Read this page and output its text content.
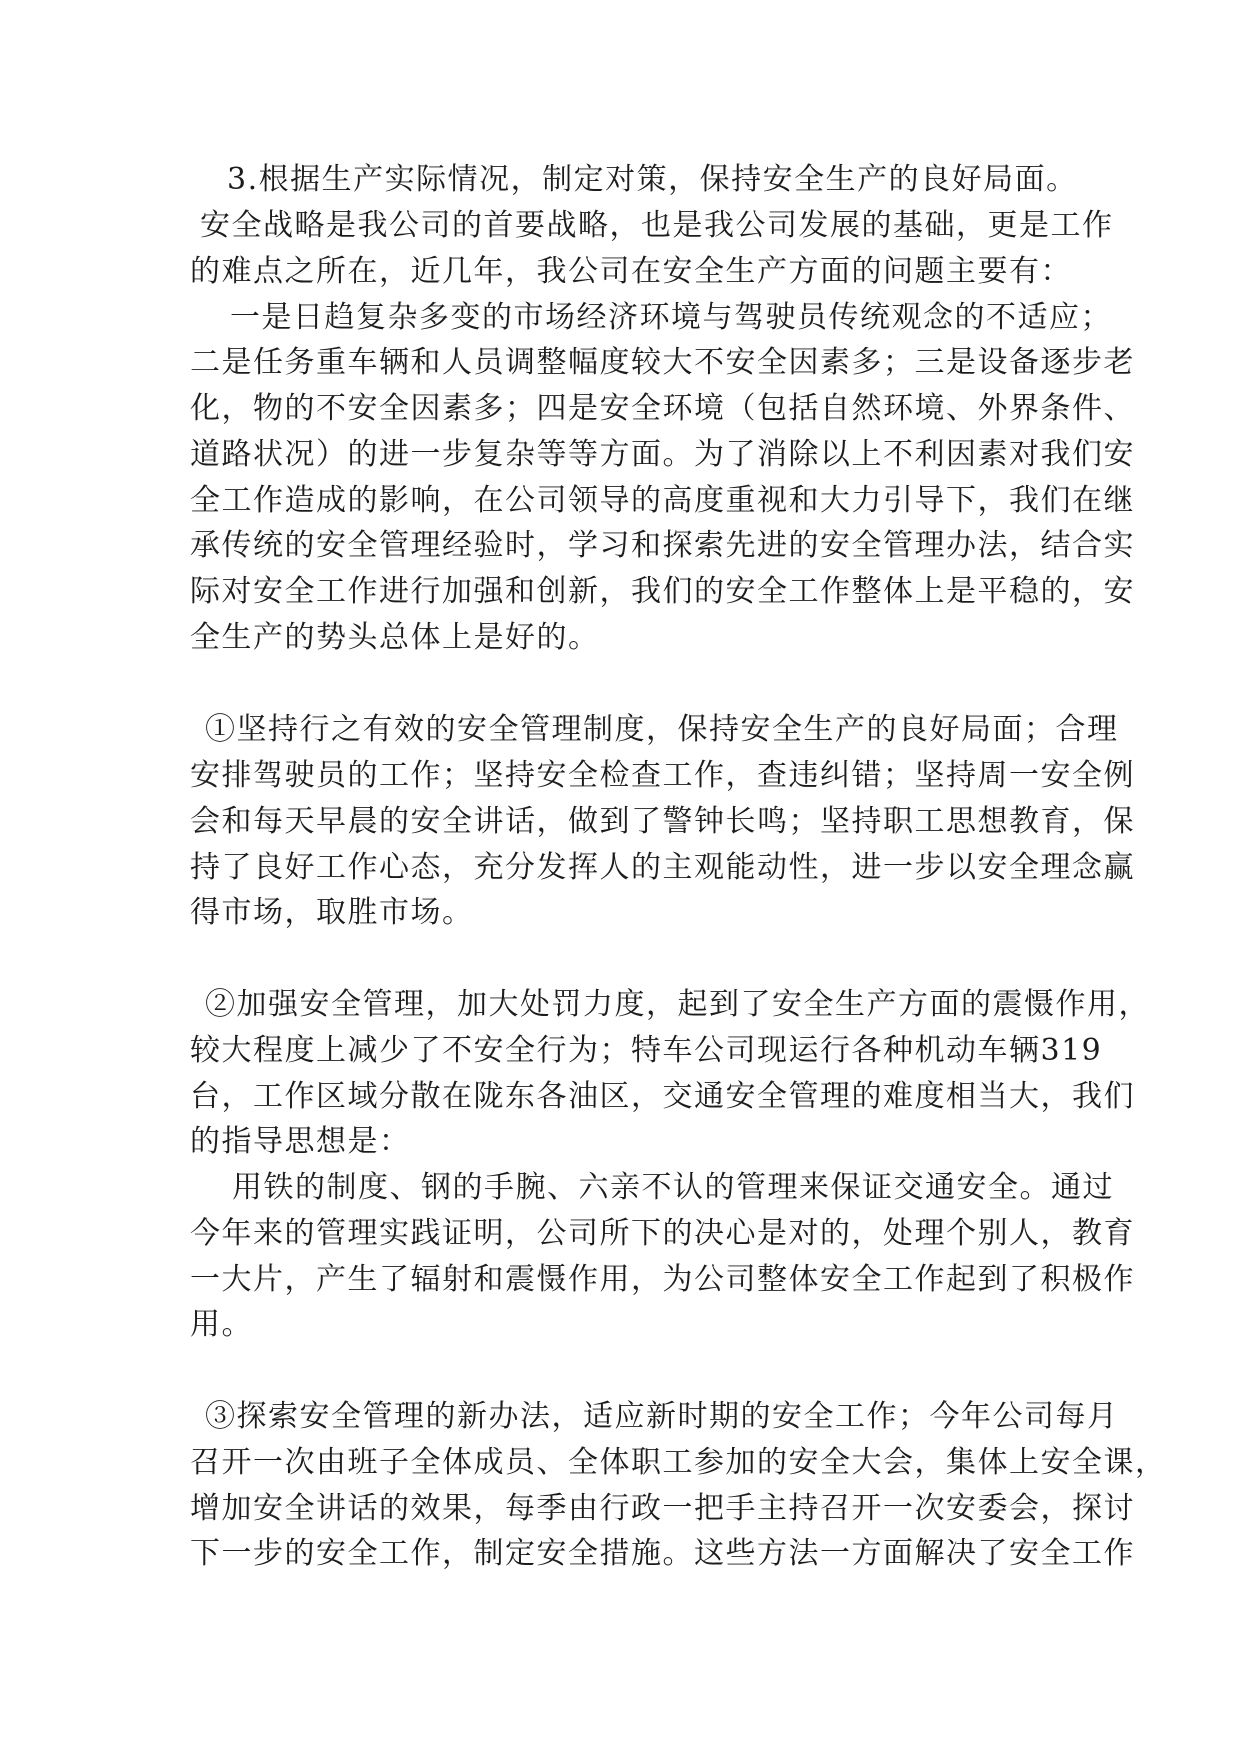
3.根据生产实际情况，制定对策，保持安全生产的良好局面。
安全战略是我公司的首要战略，也是我公司发展的基础，更是工作
的难点之所在，近几年，我公司在安全生产方面的问题主要有：
一是日趋复杂多变的市场经济环境与驾驶员传统观念的不适应；
二是任务重车辆和人员调整幅度较大不安全因素多；三是设备逐步老
化，物的不安全因素多；四是安全环境（包括自然环境、外界条件、
道路状况）的进一步复杂等等方面。为了消除以上不利因素对我们安
全工作造成的影响，在公司领导的高度重视和大力引导下，我们在继
承传统的安全管理经验时，学习和探索先进的安全管理办法，结合实
际对安全工作进行加强和创新，我们的安全工作整体上是平稳的，安
全生产的势头总体上是好的。
①坚持行之有效的安全管理制度，保持安全生产的良好局面；合理
安排驾驶员的工作；坚持安全检查工作，查违纠错；坚持周一安全例
会和每天早晨的安全讲话，做到了警钟长鸣；坚持职工思想教育，保
持了良好工作心态，充分发挥人的主观能动性，进一步以安全理念赢
得市场，取胜市场。
②加强安全管理，加大处罚力度，起到了安全生产方面的震慑作用，
较大程度上减少了不安全行为；特车公司现运行各种机动车辆319
台，工作区域分散在陇东各油区，交通安全管理的难度相当大，我们
的指导思想是：
用铁的制度、钢的手腕、六亲不认的管理来保证交通安全。通过
今年来的管理实践证明，公司所下的决心是对的，处理个别人，教育
一大片，产生了辐射和震慑作用，为公司整体安全工作起到了积极作
用。
③探索安全管理的新办法，适应新时期的安全工作；今年公司每月
召开一次由班子全体成员、全体职工参加的安全大会，集体上安全课，
增加安全讲话的效果，每季由行政一把手主持召开一次安委会，探讨
下一步的安全工作，制定安全措施。这些方法一方面解决了安全工作
